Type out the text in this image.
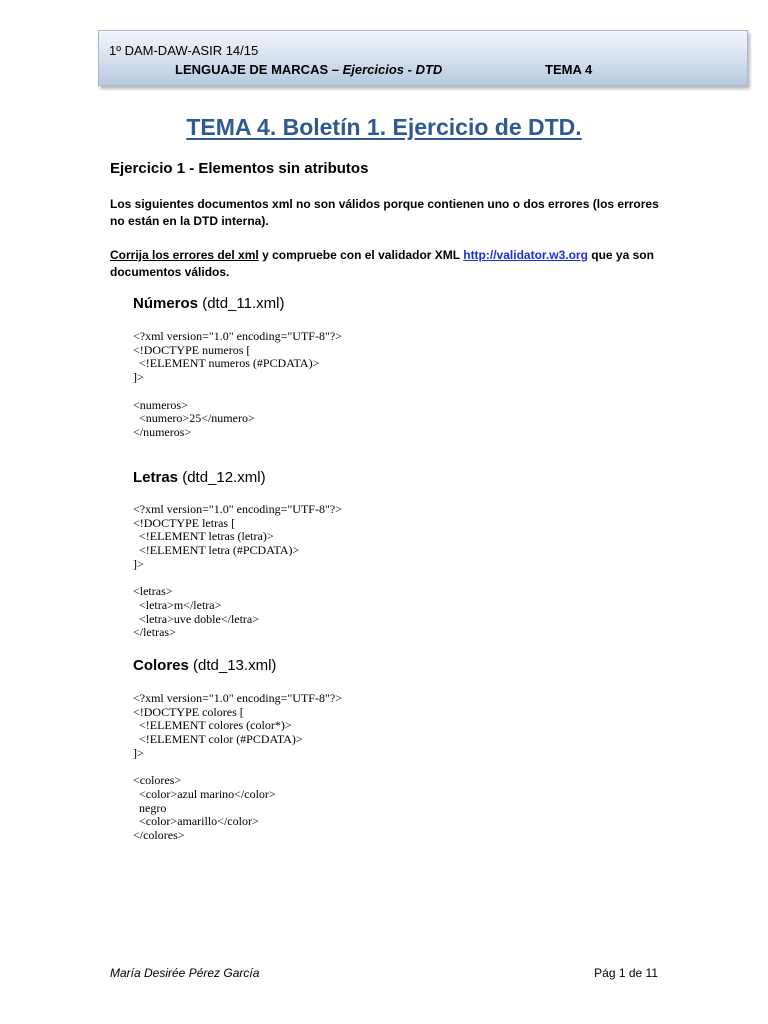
1º DAM-DAW-ASIR 14/15
LENGUAJE DE MARCAS – Ejercicios - DTD	TEMA 4
TEMA 4. Boletín 1. Ejercicio de DTD.
Ejercicio 1 - Elementos sin atributos
Los siguientes documentos xml no son válidos porque contienen uno o dos errores (los errores no están en la DTD interna).
Corrija los errores del xml y compruebe con el validador XML http://validator.w3.org que ya son documentos válidos.
Números (dtd_11.xml)
<?xml version="1.0" encoding="UTF-8"?>
<!DOCTYPE numeros [
<!ELEMENT numeros (#PCDATA)>
]>

<numeros>
<numero>25</numero>
</numeros>
Letras (dtd_12.xml)
<?xml version="1.0" encoding="UTF-8"?>
<!DOCTYPE letras [
<!ELEMENT letras (letra)>
<!ELEMENT letra (#PCDATA)>
]>

<letras>
<letra>m</letra>
<letra>uve doble</letra>
</letras>
Colores (dtd_13.xml)
<?xml version="1.0" encoding="UTF-8"?>
<!DOCTYPE colores [
<!ELEMENT colores (color*)>
<!ELEMENT color (#PCDATA)>
]>

<colores>
<color>azul marino</color>
negro
<color>amarillo</color>
</colores>
María Desirée Pérez García	Pág 1 de 11
